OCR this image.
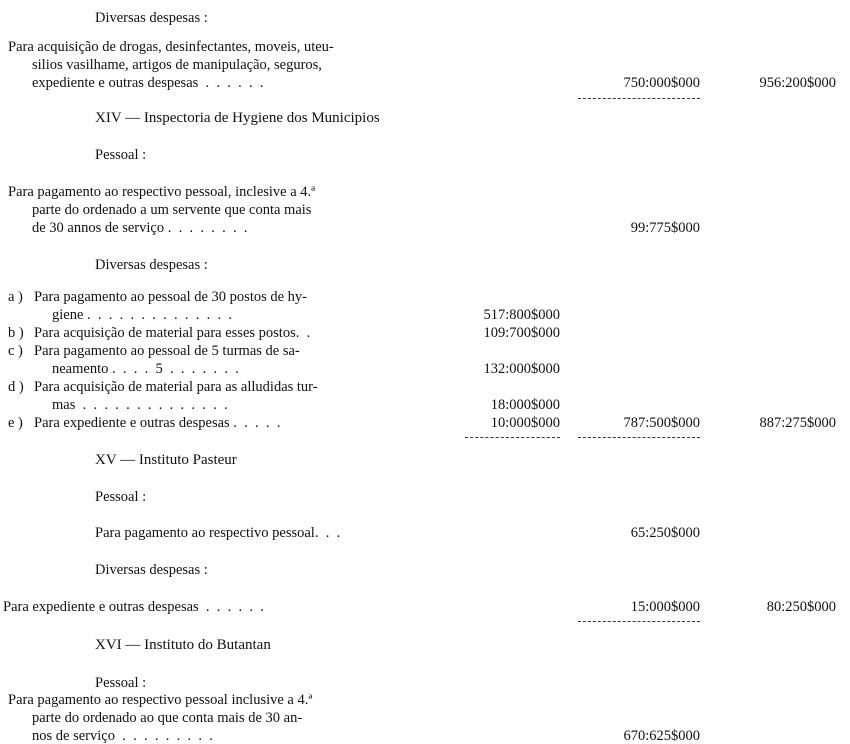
Diversas despesas :
Para acquisição de drogas, desinfectantes, moveis, uteu-
silios vasilhame, artigos de manipulação, seguros,
expediente e outras despesas  .  .  .  .  .  .	750:000$000	956:200$000
XIV — Inspectoria de Hygiene dos Municipios
Pessoal :
Para pagamento ao respectivo pessoal, inclesive a 4.ª
parte do ordenado a um servente que conta mais
de 30 annos de serviço .  .  .  .  .  .  .  .	99:775$000
Diversas despesas :
a ) Para pagamento ao pessoal de 30 postos de hy-
giene .  .  .  .  .  .  .  .  .  .  .  .  .  .	517:800$000
b ) Para acquisição de material para esses postos.  .	109:700$000
c ) Para pagamento ao pessoal de 5 turmas de sa-
neamento .  .  .  .  5  .  .  .  .  .  .  .	132:000$000
d ) Para acquisição de material para as alludidas tur-
mas  .  .  .  .  .  .  .  .  .  .  .  .  .  .	18:000$000
e ) Para expediente e outras despesas .  .  .  .  .	10:000$000	787:500$000	887:275$000
XV — Instituto Pasteur
Pessoal :
Para pagamento ao respectivo pessoal.  .  .	65:250$000
Diversas despesas :
Para expediente e outras despesas  .  .  .  .  .  .	15:000$000	80:250$000
XVI — Instituto do Butantan
Pessoal :
Para pagamento ao respectivo pessoal inclusive a 4.ª
parte do ordenado ao que conta mais de 30 an-
nos de serviço  .  .  .  .  .  .  .  .  .	670:625$000
